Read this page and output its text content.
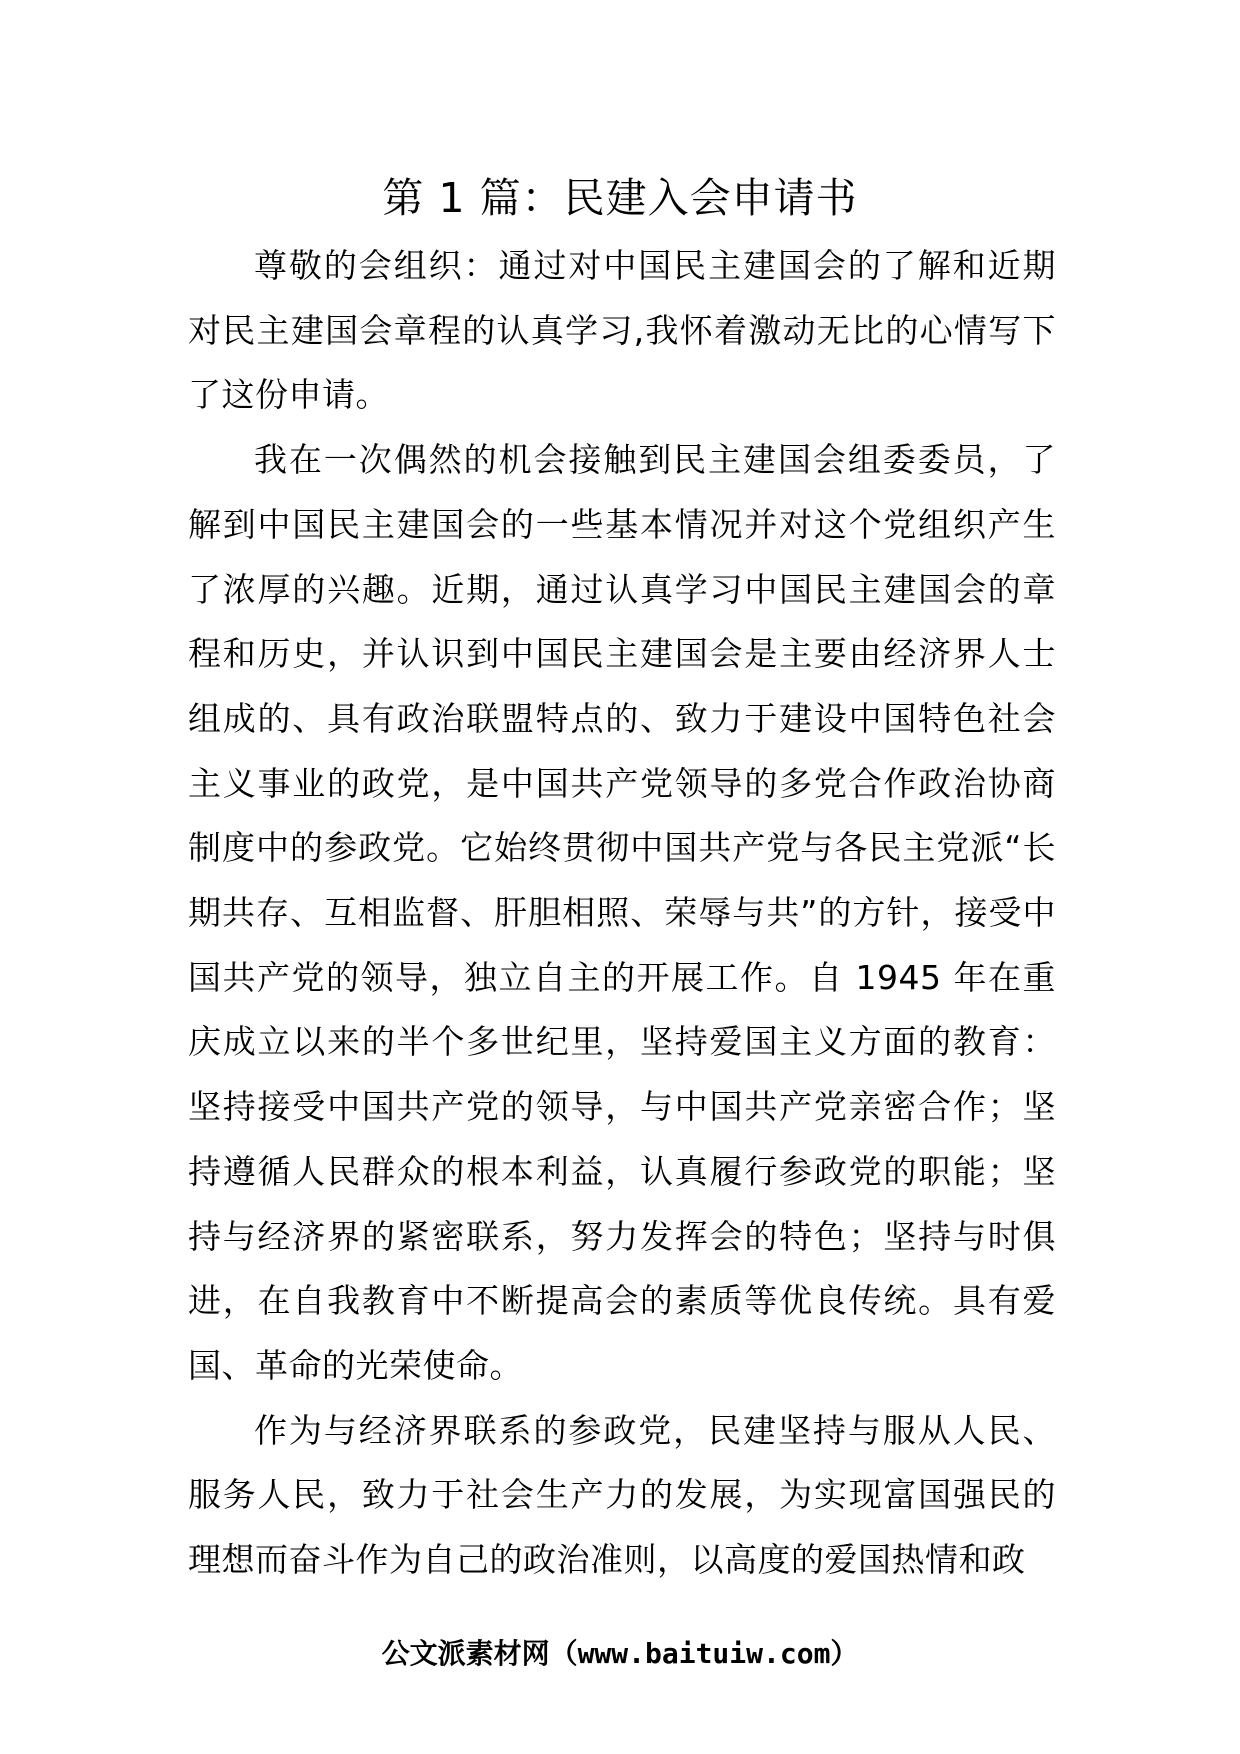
第 1 篇：民建入会申请书

尊敬的会组织：通过对中国民主建国会的了解和近期对民主建国会章程的认真学习,我怀着激动无比的心情写下了这份申请。

我在一次偶然的机会接触到民主建国会组委委员，了解到中国民主建国会的一些基本情况并对这个党组织产生了浓厚的兴趣。近期，通过认真学习中国民主建国会的章程和历史，并认识到中国民主建国会是主要由经济界人士组成的、具有政治联盟特点的、致力于建设中国特色社会主义事业的政党，是中国共产党领导的多党合作政治协商制度中的参政党。它始终贯彻中国共产党与各民主党派“长期共存、互相监督、肝胆相照、荣辱与共”的方针，接受中国共产党的领导，独立自主的开展工作。自 1945 年在重庆成立以来的半个多世纪里，坚持爱国主义方面的教育：坚持接受中国共产党的领导，与中国共产党亲密合作；坚持遵循人民群众的根本利益，认真履行参政党的职能；坚持与经济界的紧密联系，努力发挥会的特色；坚持与时俱进，在自我教育中不断提高会的素质等优良传统。具有爱国、革命的光荣使命。

作为与经济界联系的参政党，民建坚持与服从人民、服务人民，致力于社会生产力的发展，为实现富国强民的理想而奋斗作为自己的政治准则，以高度的爱国热情和政

公文派素材网（www.baituiw.com）
